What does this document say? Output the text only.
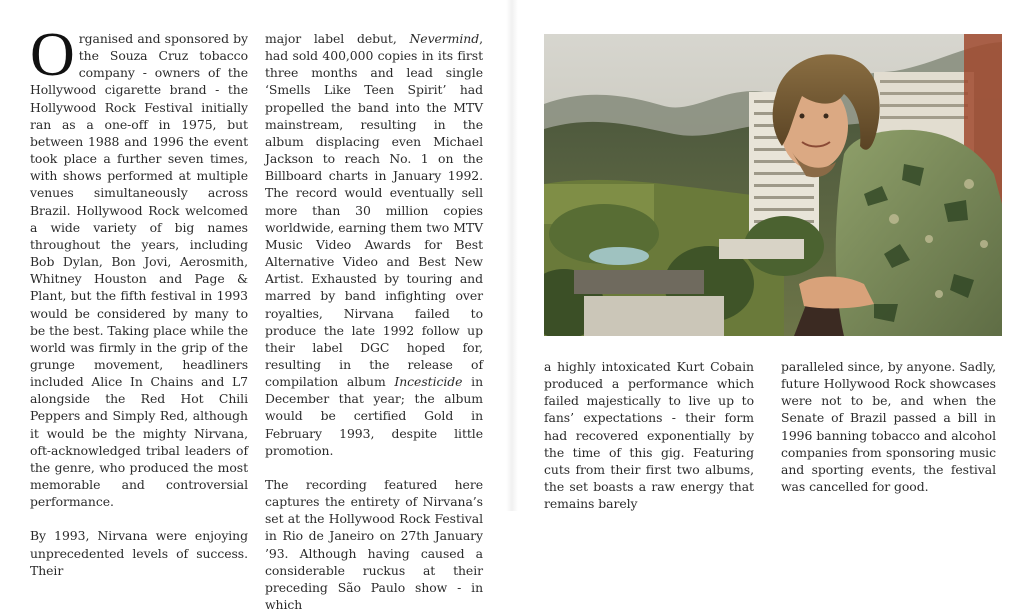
Organised and sponsored by the Souza Cruz tobacco company - owners of the Hollywood cigarette brand - the Hollywood Rock Festival initially ran as a one-off in 1975, but between 1988 and 1996 the event took place a further seven times, with shows performed at multiple venues simultaneously across Brazil. Hollywood Rock welcomed a wide variety of big names throughout the years, including Bob Dylan, Bon Jovi, Aerosmith, Whitney Houston and Page & Plant, but the fifth festival in 1993 would be considered by many to be the best. Taking place while the world was firmly in the grip of the grunge movement, headliners included Alice In Chains and L7 alongside the Red Hot Chili Peppers and Simply Red, although it would be the mighty Nirvana, oft-acknowledged tribal leaders of the genre, who produced the most memorable and controversial performance.

By 1993, Nirvana were enjoying unprecedented levels of success. Their

major label debut, Nevermind, had sold 400,000 copies in its first three months and lead single ‘Smells Like Teen Spirit’ had propelled the band into the MTV mainstream, resulting in the album displacing even Michael Jackson to reach No. 1 on the Billboard charts in January 1992. The record would eventually sell more than 30 million copies worldwide, earning them two MTV Music Video Awards for Best Alternative Video and Best New Artist. Exhausted by touring and marred by band infighting over royalties, Nirvana failed to produce the late 1992 follow up their label DGC hoped for, resulting in the release of compilation album Incesticide in December that year; the album would be certified Gold in February 1993, despite little promotion.

The recording featured here captures the entirety of Nirvana’s set at the Hollywood Rock Festival in Rio de Janeiro on 27th January ’93. Although having caused a considerable ruckus at their preceding São Paulo show - in which

a highly intoxicated Kurt Cobain produced a performance which failed majestically to live up to fans’ expectations - their form had recovered exponentially by the time of this gig. Featuring cuts from their first two albums, the set boasts a raw energy that remains barely

paralleled since, by anyone. Sadly, future Hollywood Rock showcases were not to be, and when the Senate of Brazil passed a bill in 1996 banning tobacco and alcohol companies from sponsoring music and sporting events, the festival was cancelled for good.
